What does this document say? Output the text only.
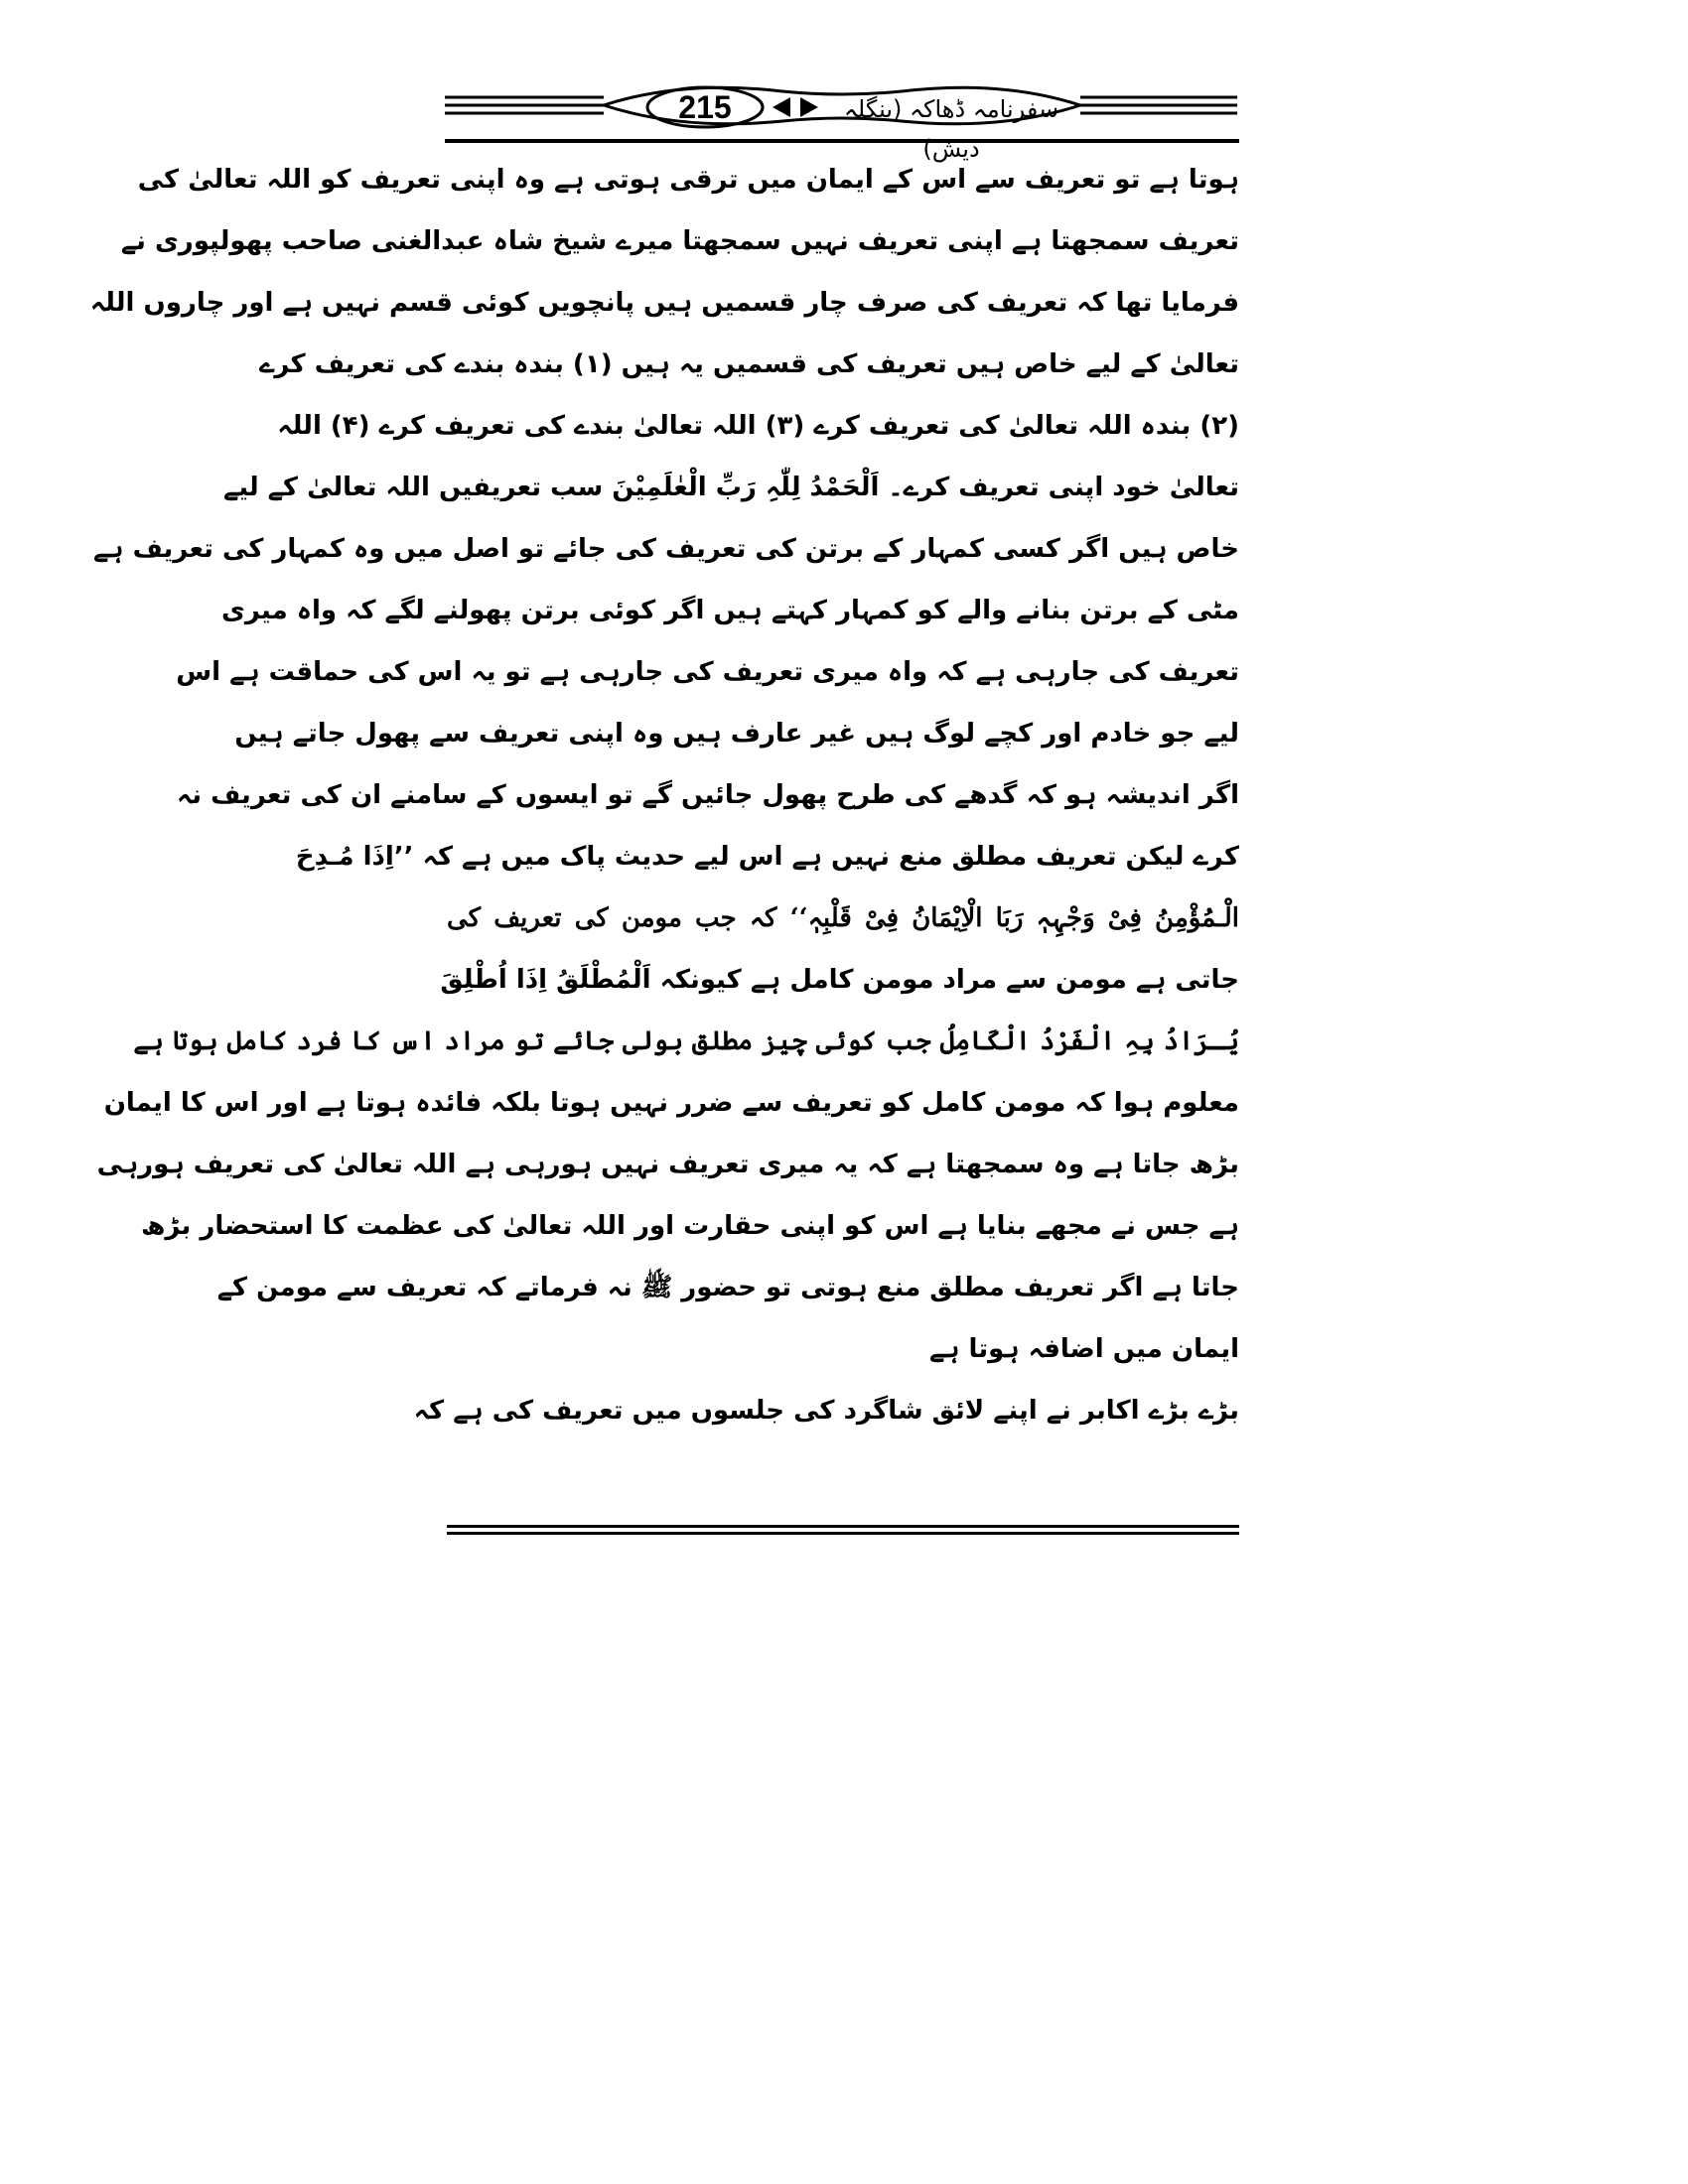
215	سفرنامہ ڈھاکہ (بنگلہ دیش)
ہوتا ہے تو تعریف سے اس کے ایمان میں ترقی ہوتی ہے وہ اپنی تعریف کو اللہ تعالیٰ کی
تعریف سمجھتا ہے اپنی تعریف نہیں سمجھتا میرے شیخ شاہ عبدالغنی صاحب پھولپوری نے
فرمایا تھا کہ تعریف کی صرف چار قسمیں ہیں پانچویں کوئی قسم نہیں ہے اور چاروں اللہ
تعالیٰ کے لیے خاص ہیں تعریف کی قسمیں یہ ہیں (۱) بندہ بندے کی تعریف کرے
(۲) بندہ اللہ تعالیٰ کی تعریف کرے (۳) اللہ تعالیٰ بندے کی تعریف کرے (۴) اللہ
تعالیٰ خود اپنی تعریف کرے۔ اَلْحَمْدُ لِلّٰہِ رَبِّ الْعٰلَمِیْنَ سب تعریفیں اللہ تعالیٰ کے لیے
خاص ہیں اگر کسی کمہار کے برتن کی تعریف کی جائے تو اصل میں وہ کمہار کی تعریف ہے
مٹی کے برتن بنانے والے کو کمہار کہتے ہیں اگر کوئی برتن پھولنے لگے کہ واہ میری
تعریف کی جارہی ہے کہ واہ میری تعریف کی جارہی ہے تو یہ اس کی حماقت ہے اس
لیے جو خادم اور کچے لوگ ہیں غیر عارف ہیں وہ اپنی تعریف سے پھول جاتے ہیں
اگر اندیشہ ہو کہ گدھے کی طرح پھول جائیں گے تو ایسوں کے سامنے ان کی تعریف نہ
کرے لیکن تعریف مطلق منع نہیں ہے اس لیے حدیث پاک میں ہے کہ ’’اِذَا مُـدِحَ
الْـمُؤْمِنُ فِیْ وَجْہِہٖ رَبَا الْاِیْمَانُ فِیْ قَلْبِہٖ‘‘ کہ جب مومن کی تعریف کی
جاتی ہے مومن سے مراد مومن کامل ہے کیونکہ اَلْمُطْلَقُ اِذَا اُطْلِقَ
یُـرَادُ بِہِ الْفَرْدُ الْکَامِلُ جب کوئی چیز مطلق بولی جائے تو مراد اس کا فرد کامل ہوتا ہے
معلوم ہوا کہ مومن کامل کو تعریف سے ضرر نہیں ہوتا بلکہ فائدہ ہوتا ہے اور اس کا ایمان
بڑھ جاتا ہے وہ سمجھتا ہے کہ یہ میری تعریف نہیں ہورہی ہے اللہ تعالیٰ کی تعریف ہورہی
ہے جس نے مجھے بنایا ہے اس کو اپنی حقارت اور اللہ تعالیٰ کی عظمت کا استحضار بڑھ
جاتا ہے اگر تعریف مطلق منع ہوتی تو حضور ﷺ نہ فرماتے کہ تعریف سے مومن کے
ایمان میں اضافہ ہوتا ہے
بڑے بڑے اکابر نے اپنے لائق شاگرد کی جلسوں میں تعریف کی ہے کہ
